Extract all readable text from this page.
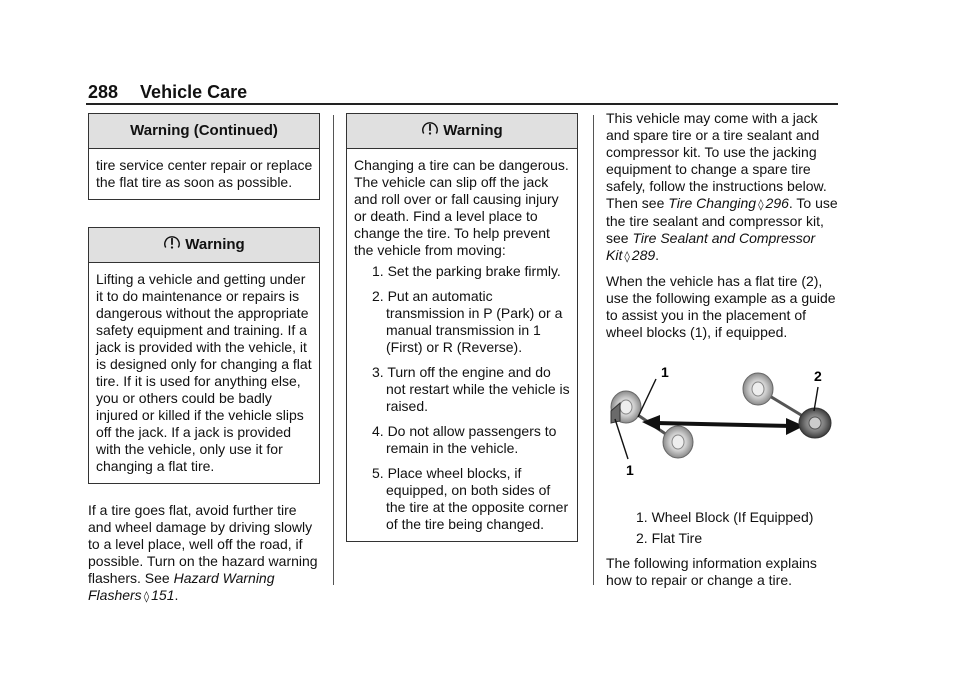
288 Vehicle Care
Warning (Continued)
tire service center repair or replace the flat tire as soon as possible.
Warning
Lifting a vehicle and getting under it to do maintenance or repairs is dangerous without the appropriate safety equipment and training. If a jack is provided with the vehicle, it is designed only for changing a flat tire. If it is used for anything else, you or others could be badly injured or killed if the vehicle slips off the jack. If a jack is provided with the vehicle, only use it for changing a flat tire.
If a tire goes flat, avoid further tire and wheel damage by driving slowly to a level place, well off the road, if possible. Turn on the hazard warning flashers. See Hazard Warning Flashers ◊ 151.
Warning
Changing a tire can be dangerous. The vehicle can slip off the jack and roll over or fall causing injury or death. Find a level place to change the tire. To help prevent the vehicle from moving:
1. Set the parking brake firmly.
2. Put an automatic transmission in P (Park) or a manual transmission in 1 (First) or R (Reverse).
3. Turn off the engine and do not restart while the vehicle is raised.
4. Do not allow passengers to remain in the vehicle.
5. Place wheel blocks, if equipped, on both sides of the tire at the opposite corner of the tire being changed.

This vehicle may come with a jack and spare tire or a tire sealant and compressor kit. To use the jacking equipment to change a spare tire safely, follow the instructions below. Then see Tire Changing ◊ 296. To use the tire sealant and compressor kit, see Tire Sealant and Compressor Kit ◊ 289.

When the vehicle has a flat tire (2), use the following example as a guide to assist you in the placement of wheel blocks (1), if equipped.

1	2
1
1. Wheel Block (If Equipped)
2. Flat Tire

The following information explains how to repair or change a tire.
